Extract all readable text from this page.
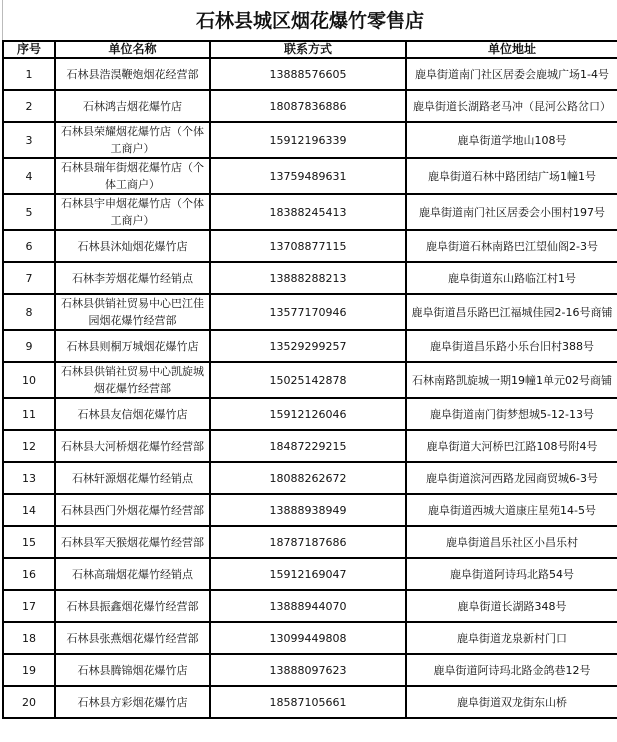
石林县城区烟花爆竹零售店
序号	单位名称	联系方式	单位地址

1	石林县浩淏鞭炮烟花经营部	13888576605	鹿阜街道南门社区居委会鹿城广场1-4号

2	石林鸿吉烟花爆竹店	18087836886	鹿阜街道长湖路老马冲（昆河公路岔口）

3	石林县荣耀烟花爆竹店（个体工商户）	15912196339	鹿阜街道学地山108号

4	石林县瑞年街烟花爆竹店（个体工商户）	13759489631	鹿阜街道石林中路团结广场1幢1号

5	石林县宇申烟花爆竹店（个体工商户）	18388245413	鹿阜街道南门社区居委会小围村197号

6	石林县沐灿烟花爆竹店	13708877115	鹿阜街道石林南路巴江望仙阁2-3号

7	石林李芳烟花爆竹经销点	13888288213	鹿阜街道东山路临江村1号

8	石林县供销社贸易中心巴江佳园烟花爆竹经营部	13577170946	鹿阜街道昌乐路巴江福城佳园2-16号商铺

9	石林县则桐万城烟花爆竹店	13529299257	鹿阜街道昌乐路小乐台旧村388号

10	石林县供销社贸易中心凯旋城烟花爆竹经营部	15025142878	石林南路凯旋城一期19幢1单元02号商铺

11	石林县友信烟花爆竹店	15912126046	鹿阜街道南门街梦想城5-12-13号

12	石林县大河桥烟花爆竹经营部	18487229215	鹿阜街道大河桥巴江路108号附4号

13	石林轩源烟花爆竹经销点	18088262672	鹿阜街道滨河西路龙园商贸城6-3号

14	石林县西门外烟花爆竹经营部	13888938949	鹿阜街道西城大道康庄星苑14-5号

15	石林县军天猴烟花爆竹经营部	18787187686	鹿阜街道昌乐社区小昌乐村

16	石林高瑞烟花爆竹经销点	15912169047	鹿阜街道阿诗玛北路54号

17	石林县振鑫烟花爆竹经营部	13888944070	鹿阜街道长湖路348号

18	石林县张燕烟花爆竹经营部	13099449808	鹿阜街道龙泉新村门口

19	石林县腾锦烟花爆竹店	13888097623	鹿阜街道阿诗玛北路金鸽巷12号

20	石林县方彩烟花爆竹店	18587105661	鹿阜街道双龙街东山桥
